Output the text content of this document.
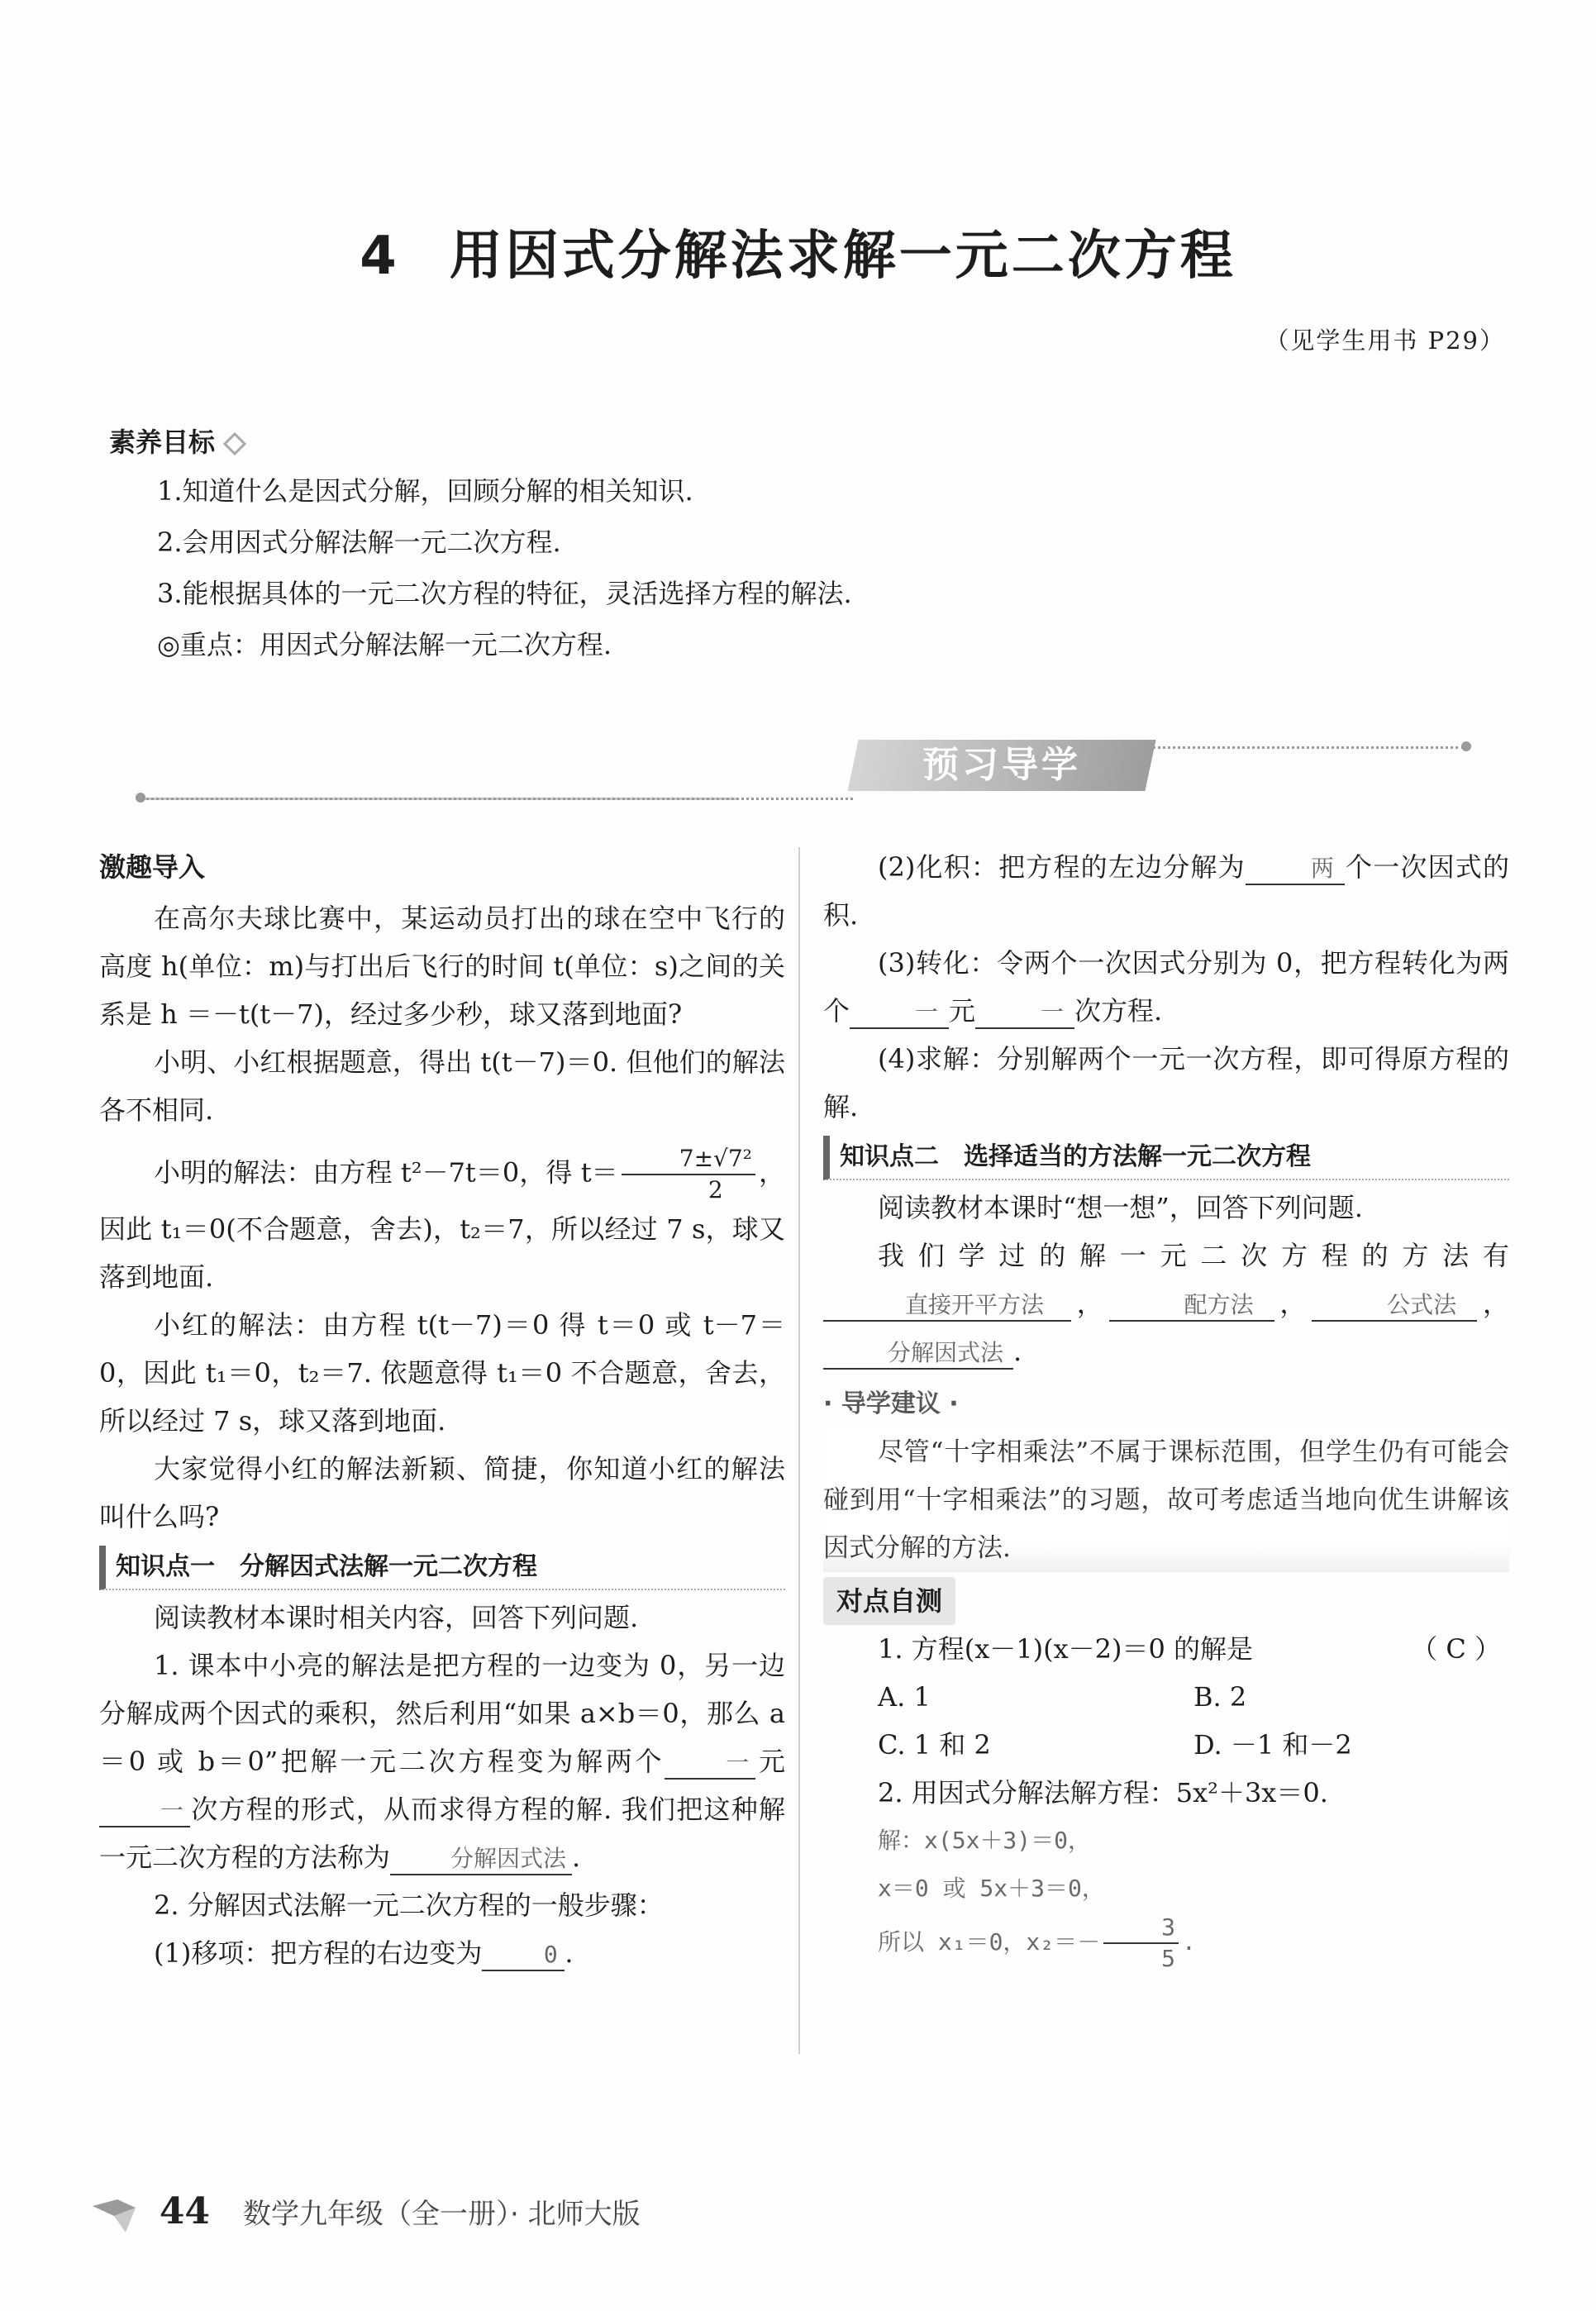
4 用因式分解法求解一元二次方程
（见学生用书 P29）
素养目标
1.知道什么是因式分解，回顾分解的相关知识.
2.会用因式分解法解一元二次方程.
3.能根据具体的一元二次方程的特征，灵活选择方程的解法.
◎重点：用因式分解法解一元二次方程.
预习导学

激趣导入

在高尔夫球比赛中，某运动员打出的球在空中飞行的高度 h(单位：m)与打出后飞行的时间 t(单位：s)之间的关系是 h ＝－t(t－7)，经过多少秒，球又落到地面?

小明、小红根据题意，得出 t(t－7)＝0. 但他们的解法各不相同.

小明的解法：由方程 t²－7t＝0，得 $t= \frac{\text{7±√7²}}{2}$ ，因此 t₁＝0(不合题意，舍去)，t₂＝7，所以经过 7 s，球又落到地面.

小红的解法：由方程 t(t－7)＝0 得 t＝0 或 t－7＝0，因此 t₁＝0，t₂＝7. 依题意得 t₁＝0 不合题意，舍去，所以经过 7 s，球又落到地面.

大家觉得小红的解法新颖、简捷，你知道小红的解法叫什么吗?

知识点一　分解因式法解一元二次方程

阅读教材本课时相关内容，回答下列问题.

1. 课本中小亮的解法是把方程的一边变为 0，另一边分解成两个因式的乘积，然后利用“如果 a×b＝0，那么 a＝0 或 b＝0”把解一元二次方程变为解两个	一 元一 次方程的形式，从而求得方程的解. 我们把这种解一元二次方程的方法称为	分解因式法 .

2. 分解因式法解一元二次方程的一般步骤：

(1)移项：把方程的右边变为	0 .

(2)化积：把方程的左边分解为	两 个一次因式的积.

(3)转化：令两个一次因式分别为 0，把方程转化为两个	一 元	一 次方程.

(4)求解：分别解两个一元一次方程，即可得原方程的解.

知识点二　选择适当的方法解一元二次方程

阅读教材本课时“想一想”，回答下列问题.

我们学过的解一元二次方程的方法有直接开平方法 ，	配方法 ，	公式法 ，分解因式法 .

· 导学建议 ·

尽管“十字相乘法”不属于课标范围，但学生仍有可能会碰到用“十字相乘法”的习题，故可考虑适当地向优生讲解该因式分解的方法.

对点自测

1. 方程(x－1)(x－2)＝0 的解是	（ C ）

A. 1	B. 2
C. 1 和 2	D. －1 和－2

2. 用因式分解法解方程：5x²＋3x＝0.

解：x(5x＋3)＝0，

x＝0 或 5x＋3＝0，

所以 x₁＝0，$x_2=- \frac{3}{5}$ .

44 数学九年级（全一册）· 北师大版
